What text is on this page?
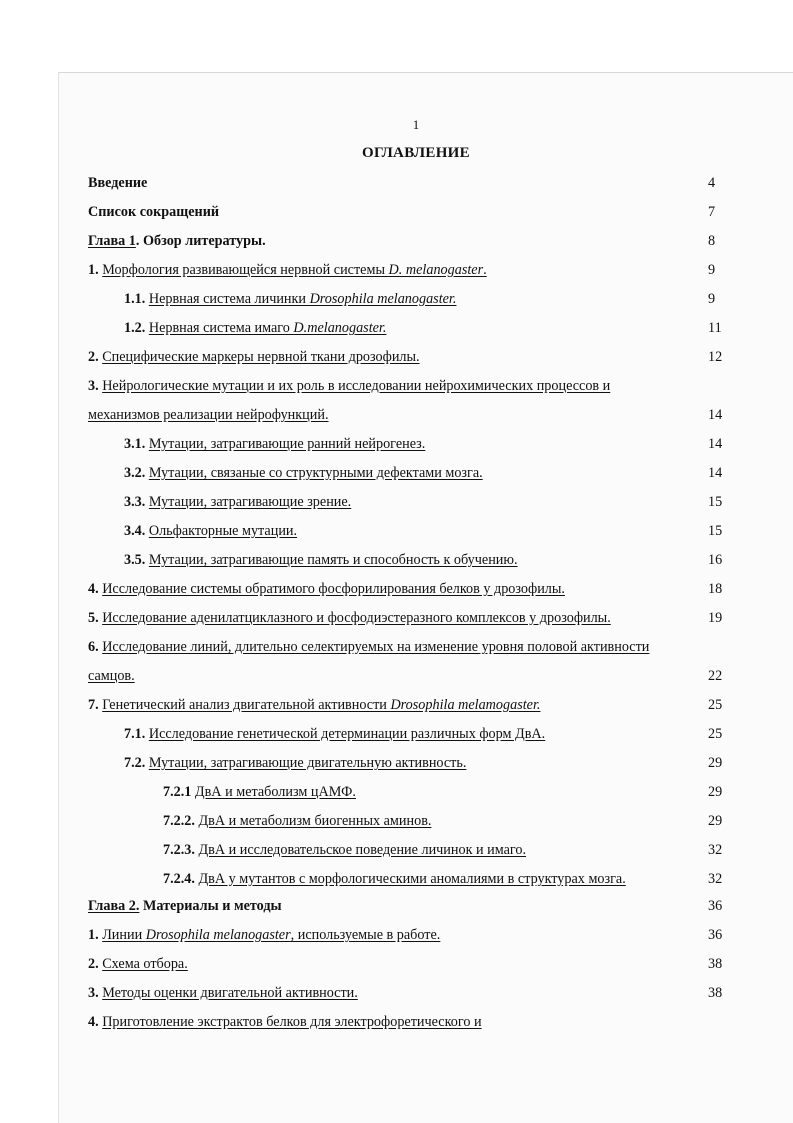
1
ОГЛАВЛЕНИЕ
Введение	4
Список сокращений	7
Глава 1. Обзор литературы.	8
1. Морфология развивающейся нервной системы D. melanogaster.	9
1.1. Нервная система личинки Drosophila melanogaster.	9
1.2. Нервная система имаго D.melanogaster.	11
2. Специфические маркеры нервной ткани дрозофилы.	12
3. Нейрологические мутации и их роль в исследовании нейрохимических процессов и
механизмов реализации нейрофункций.	14
3.1. Мутации, затрагивающие ранний нейрогенез.	14
3.2. Мутации, связаные со структурными дефектами мозга.	14
3.3. Мутации, затрагивающие зрение.	15
3.4. Ольфакторные мутации.	15
3.5. Мутации, затрагивающие память и способность к обучению.	16
4. Исследование системы обратимого фосфорилирования белков у дрозофилы.	18
5. Исследование аденилатциклазного и фосфодиэстеразного комплексов у дрозофилы.	19
6. Исследование линий, длительно селектируемых на изменение уровня половой активности
самцов.	22
7. Генетический анализ двигательной активности Drosophila melamogaster.	25
7.1. Исследование генетической детерминации различных форм ДвА.	25
7.2. Мутации, затрагивающие двигательную активность.	29
7.2.1 ДвА и метаболизм цАМФ.	29
7.2.2. ДвА и метаболизм биогенных аминов.	29
7.2.3. ДвА и исследовательское поведение личинок и имаго.	32
7.2.4. ДвА у мутантов с морфологическими аномалиями в структурах мозга.	32
Глава 2. Материалы и методы	36
1. Линии Drosophila melanogaster, используемые в работе.	36
2. Схема отбора.	38
3. Методы оценки двигательной активности.	38
4. Приготовление экстрактов белков для электрофоретического и
